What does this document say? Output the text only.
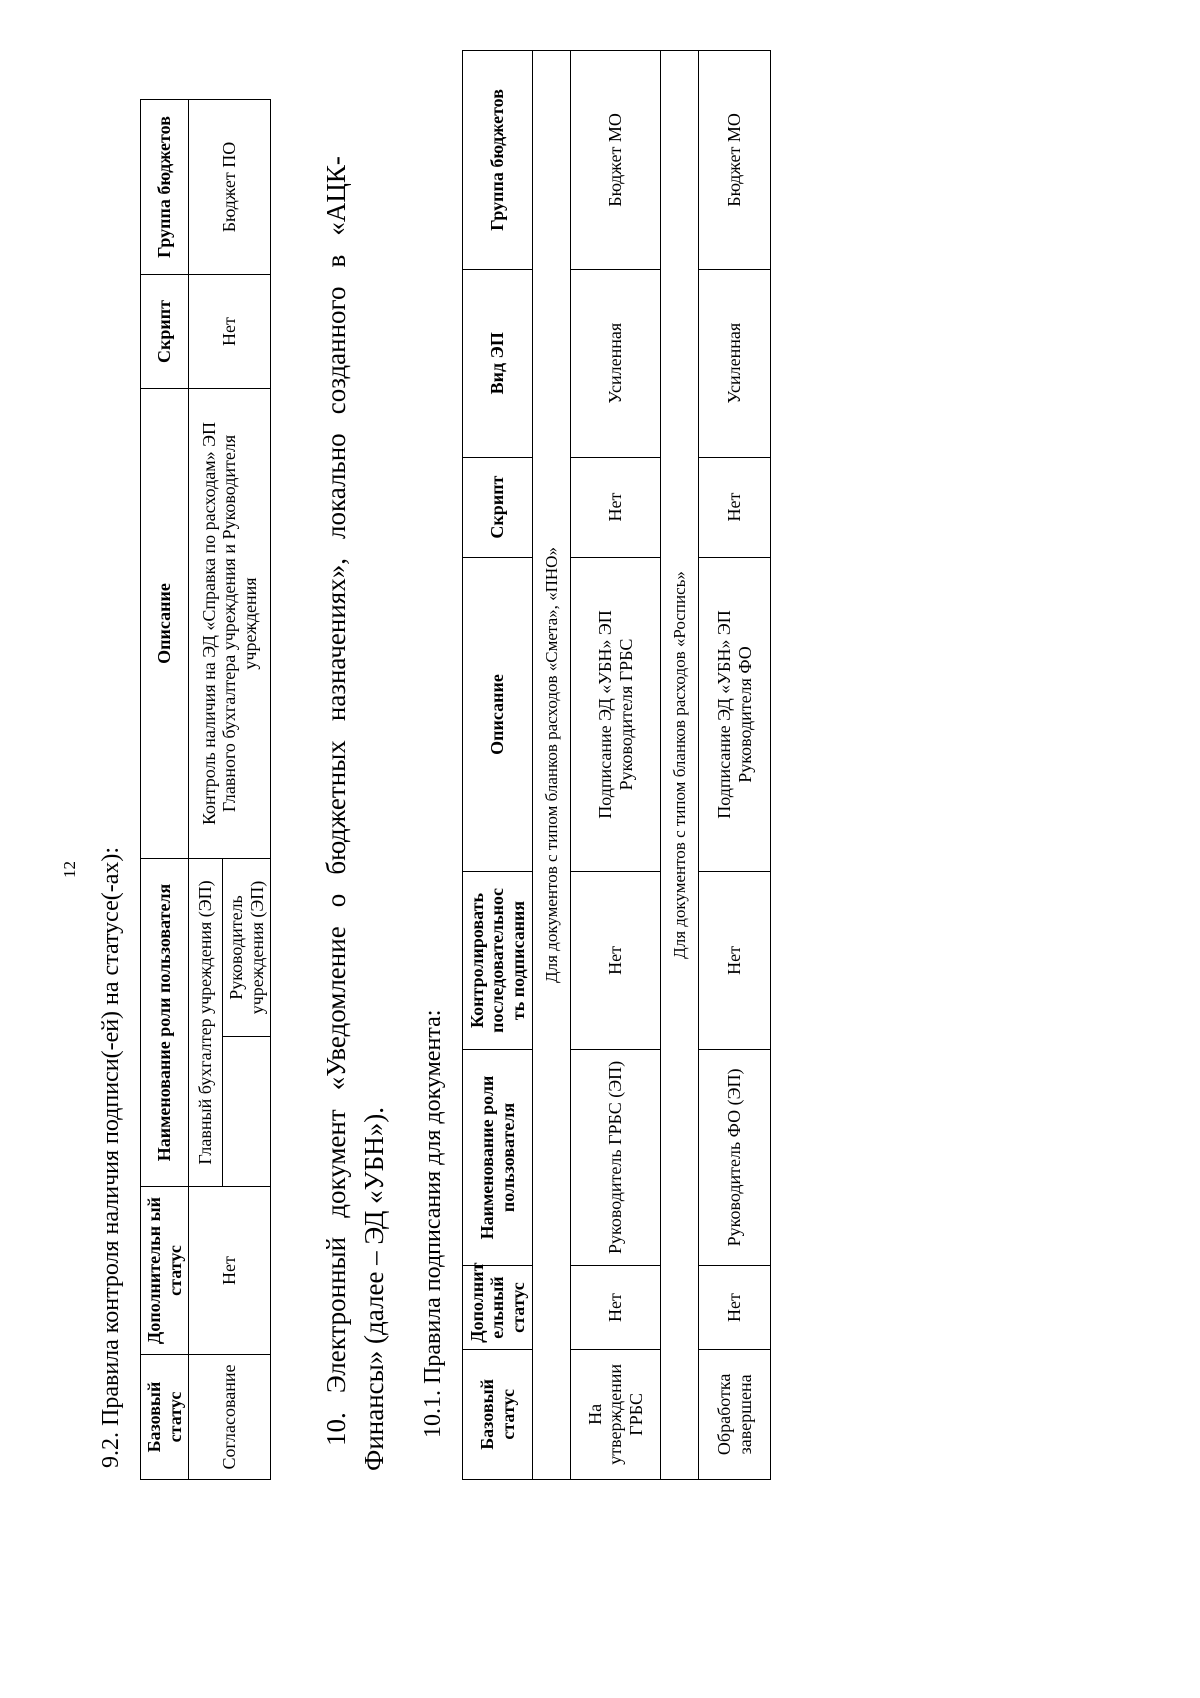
12 9.2. Правила контроля наличия подписи(-ей) на статусе(-ах): Базовый статус	Дополнительн ый статус	Наименование роли пользователя		Описание	Скрипт	Группа бюджетов
Согласование	Нет	Главный бухгалтер учреждения (ЭП)		Контроль наличия на ЭД «Справка по расходам» ЭП Главного бухгалтера учреждения и Руководителя учреждения	Нет	Бюджет ПО
			Руководитель учреждения (ЭП)			
10.
Электронный
документ
«Уведомление
о
бюджетных
назначениях»,
локально
созданного
в
«АЦК-
Финансы» (далее – ЭД «УБН»). 10.1. Правила подписания для документа: Базовый статус	Дополнит ельный статус	Наименование роли пользователя	Контролировать последовательнос ть подписания	Описание	Скрипт	Вид ЭП	Группа бюджетов
Для документов с типом бланков расходов «Смета», «ПНО»							
На утверждении ГРБС	Нет	Руководитель ГРБС (ЭП)	Нет	Подписание ЭД «УБН» ЭП Руководителя ГРБС	Нет	Усиленная	Бюджет МО
Для документов с типом бланков расходов «Роспись»							
Обработка завершена	Нет	Руководитель ФО (ЭП)	Нет	Подписание ЭД «УБН» ЭП Руководителя ФО	Нет	Усиленная	Бюджет МО
